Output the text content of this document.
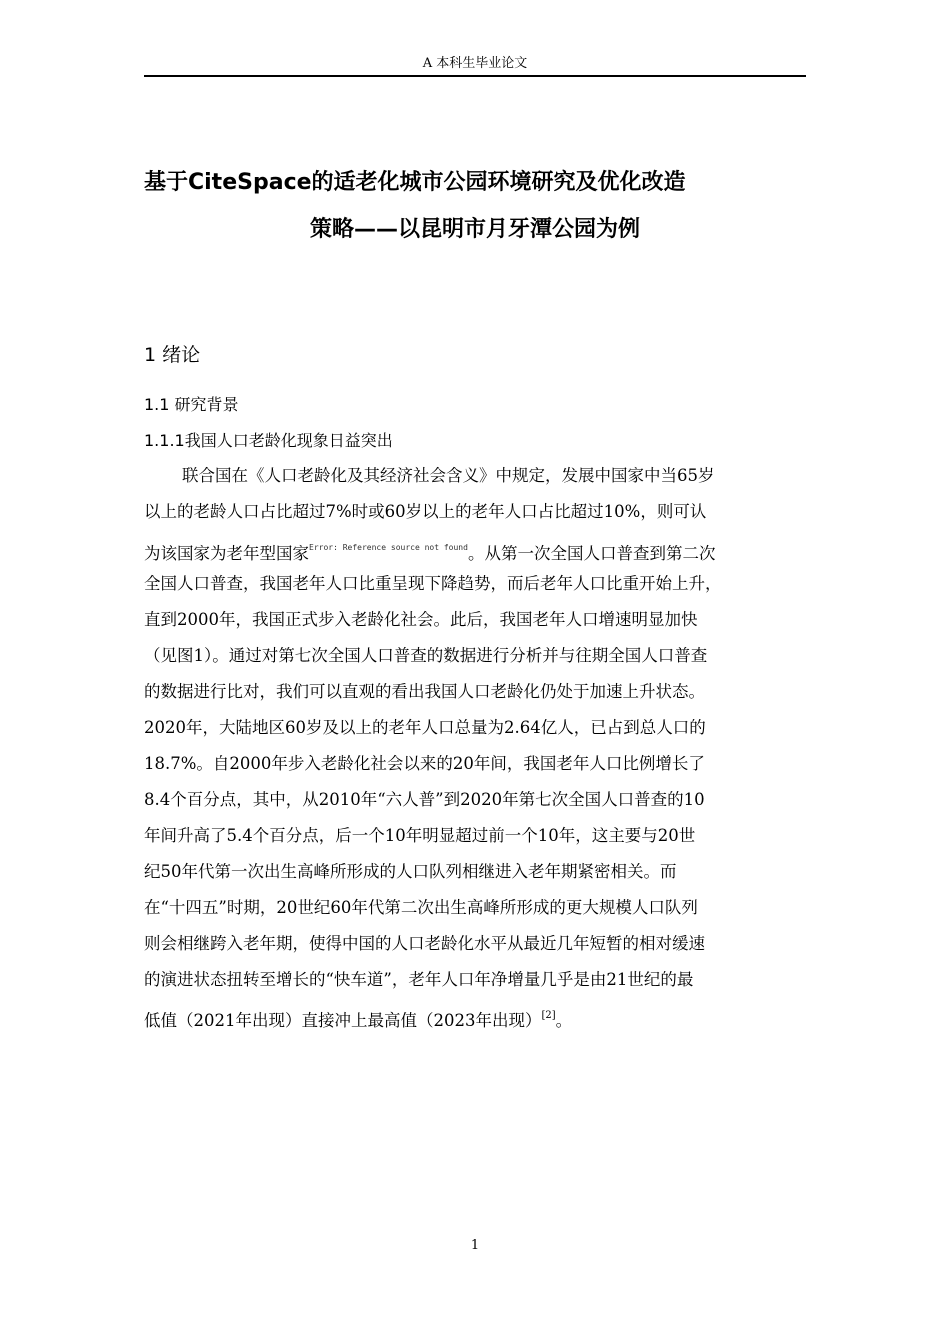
A 本科生毕业论文
基于CiteSpace的适老化城市公园环境研究及优化改造
策略——以昆明市月牙潭公园为例
1 绪论
1.1 研究背景
1.1.1我国人口老龄化现象日益突出
联合国在《人口老龄化及其经济社会含义》中规定，发展中国家中当65岁
以上的老龄人口占比超过7%时或60岁以上的老年人口占比超过10%，则可认
为该国家为老年型国家$^{Error: Reference source not found}$。从第一次全国人口普查到第二次
全国人口普查，我国老年人口比重呈现下降趋势，而后老年人口比重开始上升，
直到2000年，我国正式步入老龄化社会。此后，我国老年人口增速明显加快
（见图1）。通过对第七次全国人口普查的数据进行分析并与往期全国人口普查
的数据进行比对，我们可以直观的看出我国人口老龄化仍处于加速上升状态。
2020年，大陆地区60岁及以上的老年人口总量为2.64亿人，已占到总人口的
18.7%。自2000年步入老龄化社会以来的20年间，我国老年人口比例增长了
8.4个百分点，其中，从2010年“六人普”到2020年第七次全国人口普查的10
年间升高了5.4个百分点，后一个10年明显超过前一个10年，这主要与20世
纪50年代第一次出生高峰所形成的人口队列相继进入老年期紧密相关。而
在“十四五”时期，20世纪60年代第二次出生高峰所形成的更大规模人口队列
则会相继跨入老年期，使得中国的人口老龄化水平从最近几年短暂的相对缓速
的演进状态扭转至增长的“快车道”，老年人口年净增量几乎是由21世纪的最
低值（2021年出现）直接冲上最高值（2023年出现）[2]。
1
